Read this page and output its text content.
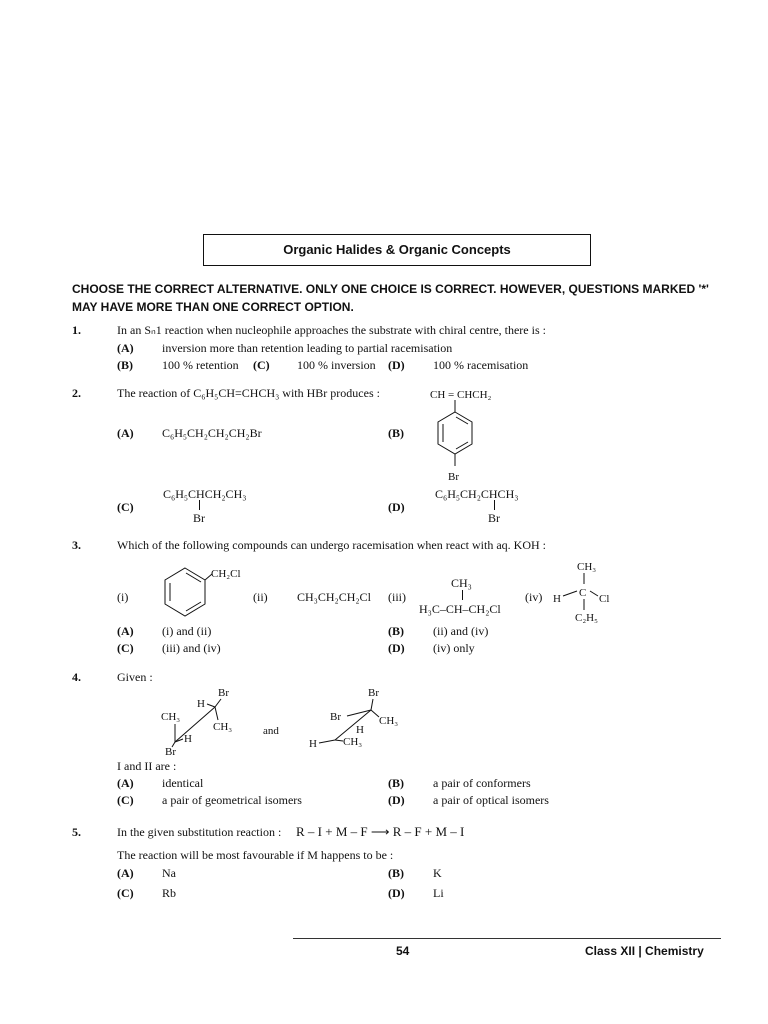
Organic Halides & Organic Concepts
CHOOSE THE CORRECT ALTERNATIVE. ONLY ONE CHOICE IS CORRECT. HOWEVER, QUESTIONS MARKED '*' MAY HAVE MORE THAN ONE CORRECT OPTION.
1.	In an Sₙ1 reaction when nucleophile approaches the substrate with chiral centre, there is :
(A) inversion more than retention leading to partial racemisation
(B) 100 % retention (C) 100 % inversion (D) 100 % racemisation
2.	The reaction of C₆H₅CH=CHCH₃ with HBr produces :
(A) C₆H₅CH₂CH₂CH₂Br	(B)
CH = CHCH₂
Br
(C)
C₆H₅CHCH₂CH₃
Br
(D)
C₆H₅CH₂CHCH₃
Br
3.	Which of the following compounds can undergo racemisation when react with aq. KOH :
(i)
CH₂Cl
(ii) CH₃CH₂CH₂Cl (iii)
CH₃
H₃C–CH–CH₂Cl
(iv)
CH₃
H C Cl
C₂H₅
(A) (i) and (ii)	(B) (ii) and (iv)
(C) (iii) and (iv)	(D) (iv) only
4.	Given :
Br
H
CH₃
CH₃
H
Br
and
Br
Br	CH₃
H
H CH₃
I and II are :
(A) identical	(B) a pair of conformers
(C) a pair of geometrical isomers	(D) a pair of optical isomers
5.	In the given substitution reaction : R – I + M – F ⟶ R – F + M – I
The reaction will be most favourable if M happens to be :
(A) Na	(B) K
(C) Rb	(D) Li
54	Class XII | Chemistry
